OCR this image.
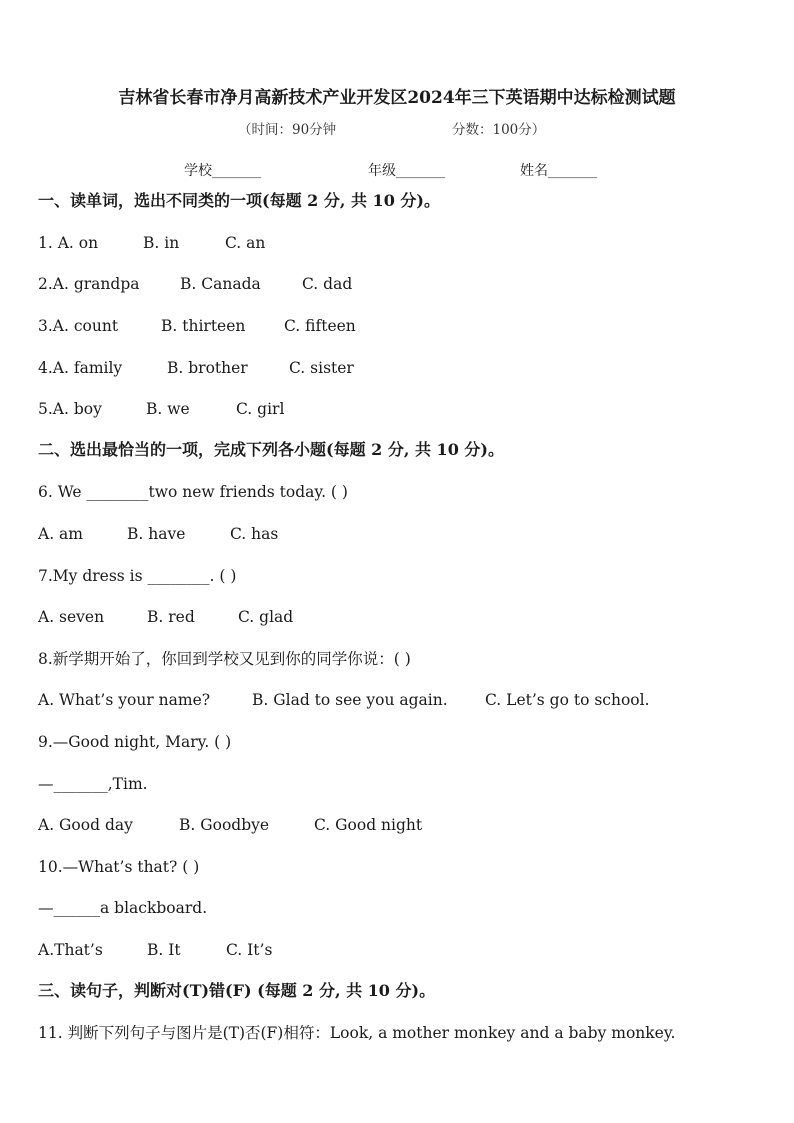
吉林省长春市净月高新技术产业开发区2024年三下英语期中达标检测试题
（时间：90分钟	分数：100分）
学校_______	年级_______	姓名_______
一、读单词，选出不同类的一项(每题 2 分, 共 10 分)。
1. A. on	B. in	C. an
2.A. grandpa	B. Canada	C. dad
3.A. count	B. thirteen C. fifteen
4.A. family	B. brother	C. sister
5.A. boy	B. we	C. girl
二、选出最恰当的一项，完成下列各小题(每题 2 分, 共 10 分)。
6. We ________two new friends today. ( )
A. am	B. have	C. has
7.My dress is ________. ( )
A. seven	B. red	C. glad
8.新学期开始了，你回到学校又见到你的同学你说：( )
A. What’s your name?	B. Glad to see you again. C. Let’s go to school.
9.—Good night, Mary. ( )
—_______,Tim.
A. Good day	B. Goodbye	C. Good night
10.—What’s that? ( )
—______a blackboard.
A.That’s	B. It	C. It’s
三、读句子，判断对(T)错(F) (每题 2 分, 共 10 分)。
11. 判断下列句子与图片是(T)否(F)相符：Look, a mother monkey and a baby monkey.
